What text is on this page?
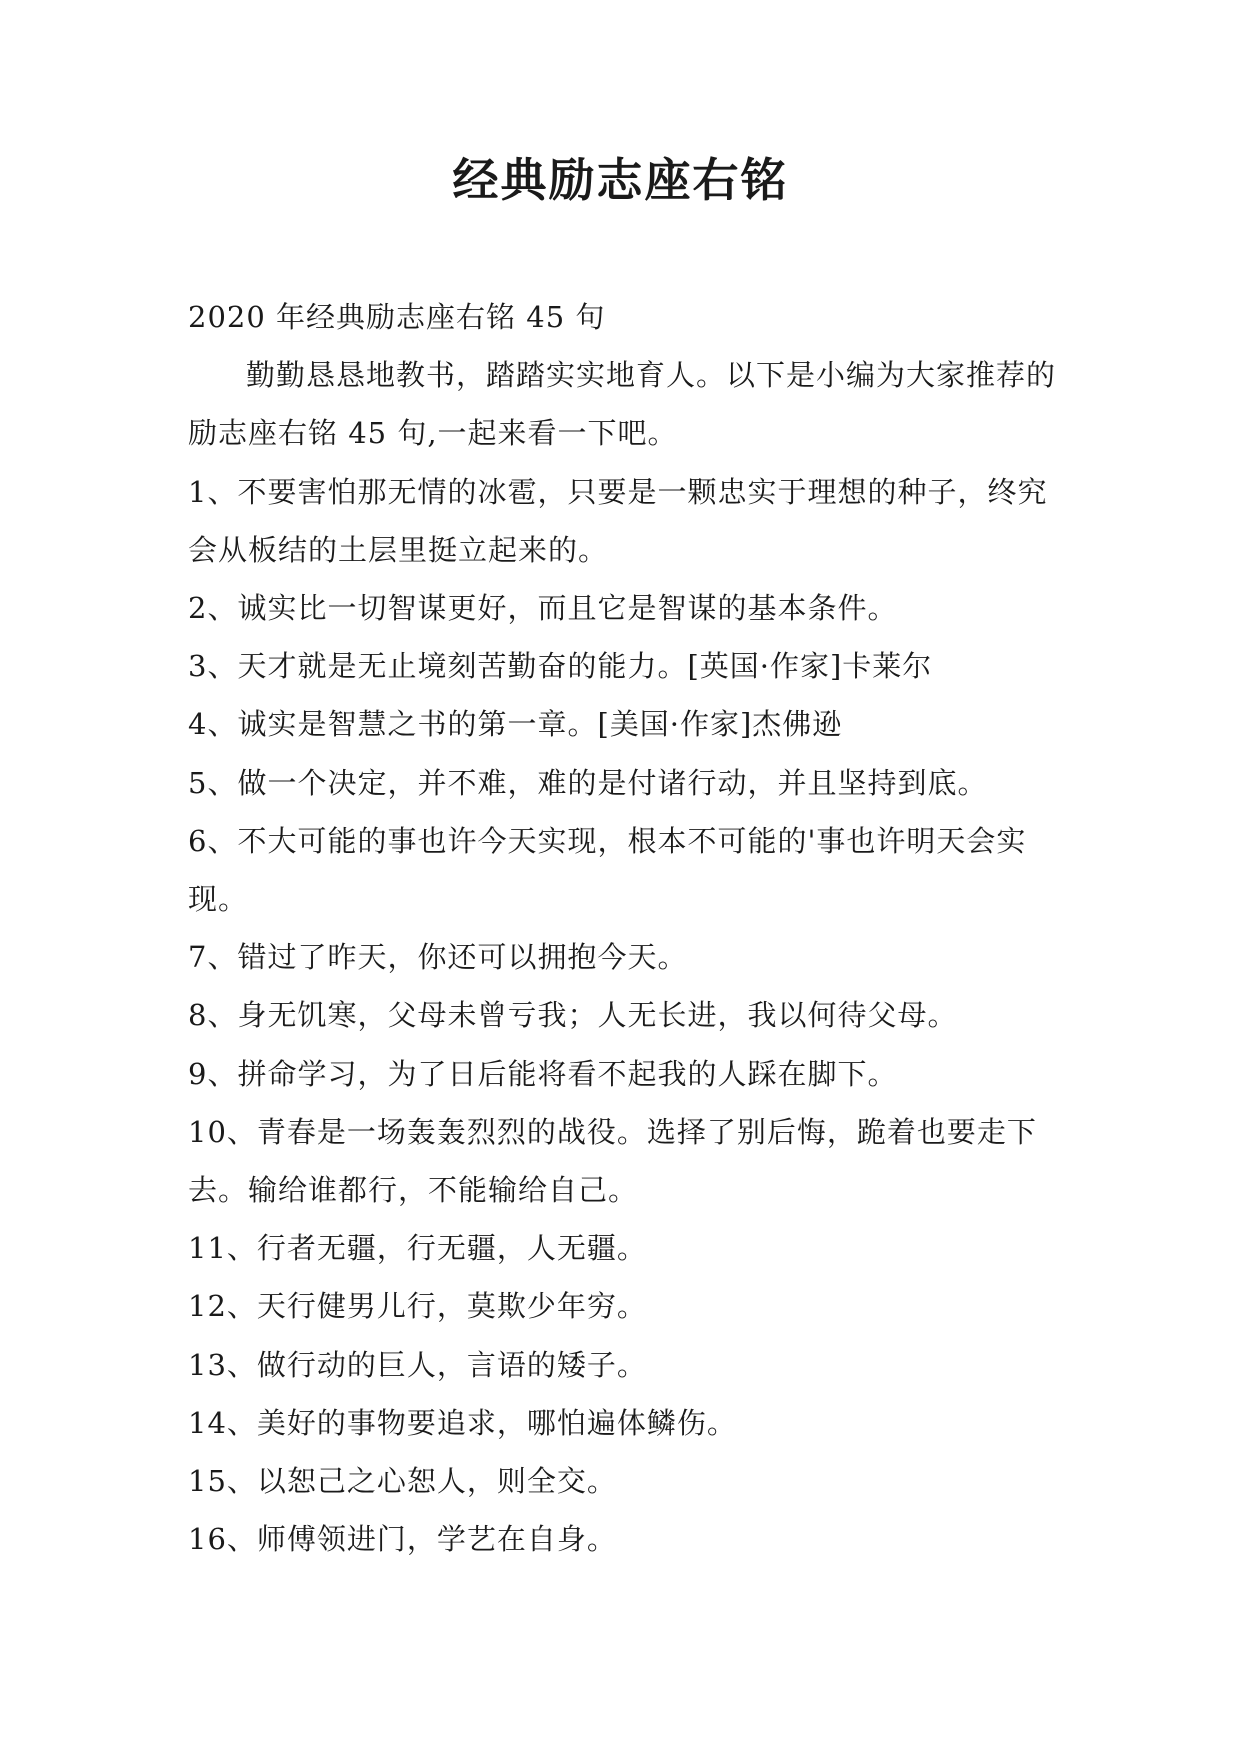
经典励志座右铭

2020 年经典励志座右铭 45 句

勤勤恳恳地教书，踏踏实实地育人。以下是小编为大家推荐的励志座右铭 45 句,一起来看一下吧。

1、不要害怕那无情的冰雹，只要是一颗忠实于理想的种子，终究会从板结的土层里挺立起来的。

2、诚实比一切智谋更好，而且它是智谋的基本条件。

3、天才就是无止境刻苦勤奋的能力。[英国·作家]卡莱尔

4、诚实是智慧之书的第一章。[美国·作家]杰佛逊

5、做一个决定，并不难，难的是付诸行动，并且坚持到底。

6、不大可能的事也许今天实现，根本不可能的'事也许明天会实现。

7、错过了昨天，你还可以拥抱今天。

8、身无饥寒，父母未曾亏我；人无长进，我以何待父母。

9、拼命学习，为了日后能将看不起我的人踩在脚下。

10、青春是一场轰轰烈烈的战役。选择了别后悔，跪着也要走下去。输给谁都行，不能输给自己。

11、行者无疆，行无疆，人无疆。

12、天行健男儿行，莫欺少年穷。

13、做行动的巨人，言语的矮子。

14、美好的事物要追求，哪怕遍体鳞伤。

15、以恕己之心恕人，则全交。

16、师傅领进门，学艺在自身。
